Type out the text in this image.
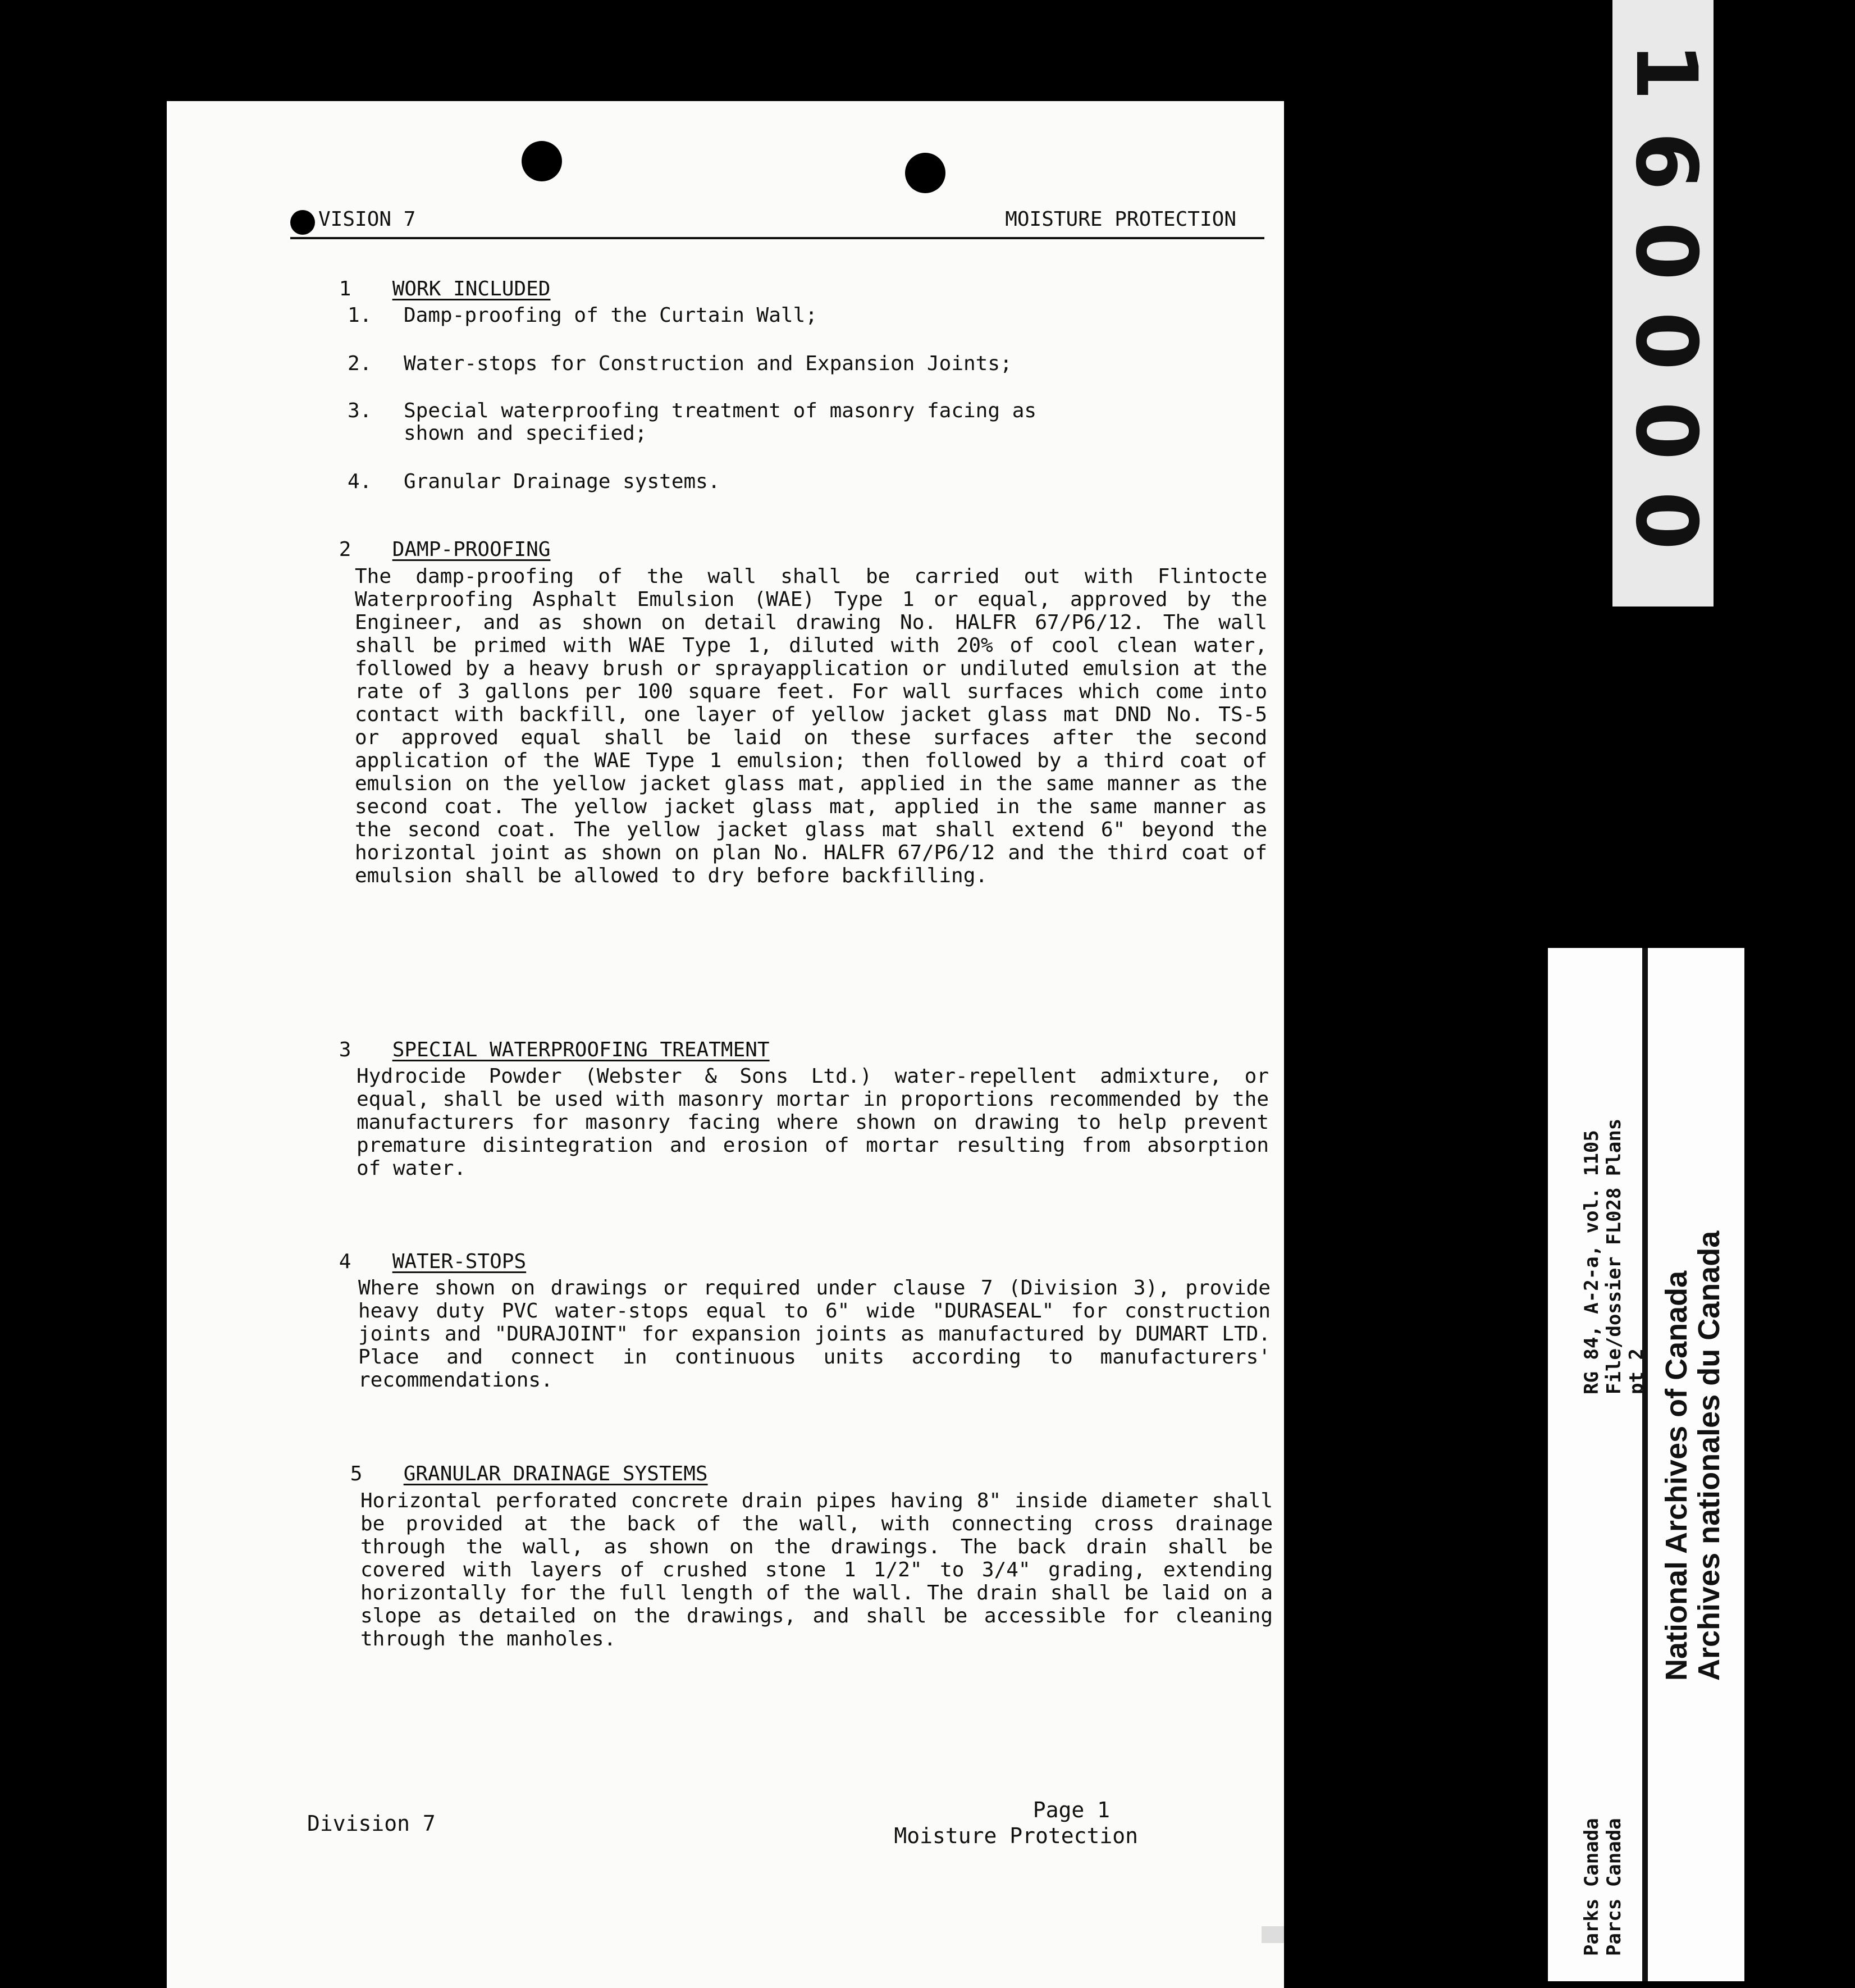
VISION 7	MOISTURE PROTECTION

1 WORK INCLUDED

1. Damp-proofing of the Curtain Wall;
2. Water-stops for Construction and Expansion Joints;
3. Special waterproofing treatment of masonry facing as shown and specified;
4. Granular Drainage systems.

2 DAMP-PROOFING

The damp-proofing of the wall shall be carried out with Flintocte Waterproofing Asphalt Emulsion (WAE) Type 1 or equal, approved by the Engineer, and as shown on detail drawing No. HALFR 67/P6/12. The wall shall be primed with WAE Type 1, diluted with 20% of cool clean water, followed by a heavy brush or sprayapplication or undiluted emulsion at the rate of 3 gallons per 100 square feet. For wall surfaces which come into contact with backfill, one layer of yellow jacket glass mat DND No. TS-5 or approved equal shall be laid on these surfaces after the second application of the WAE Type 1 emulsion; then followed by a third coat of emulsion on the yellow jacket glass mat, applied in the same manner as the second coat. The yellow jacket glass mat, applied in the same manner as the second coat. The yellow jacket glass mat shall extend 6" beyond the horizontal joint as shown on plan No. HALFR 67/P6/12 and the third coat of emulsion shall be allowed to dry before backfilling.

3 SPECIAL WATERPROOFING TREATMENT

Hydrocide Powder (Webster & Sons Ltd.) water-repellent admixture, or equal, shall be used with masonry mortar in proportions recommended by the manufacturers for masonry facing where shown on drawing to help prevent premature disintegration and erosion of mortar resulting from absorption of water.

4 WATER-STOPS

Where shown on drawings or required under clause 7 (Division 3), provide heavy duty PVC water-stops equal to 6" wide "DURASEAL" for construction joints and "DURAJOINT" for expansion joints as manufactured by DUMART LTD. Place and connect in continuous units according to manufacturers' recommendations.

5 GRANULAR DRAINAGE SYSTEMS

Horizontal perforated concrete drain pipes having 8" inside diameter shall be provided at the back of the wall, with connecting cross drainage through the wall, as shown on the drawings. The back drain shall be covered with layers of crushed stone 1 1/2" to 3/4" grading, extending horizontally for the full length of the wall. The drain shall be laid on a slope as detailed on the drawings, and shall be accessible for cleaning through the manholes.
Division 7
Page 1
Moisture Protection
0
0
0
0
6
1
RG 84, A-2-a, vol. 1105 File/dossier FL028 Plans pt 2 National Archives of Canada
Archives nationales du Canada
Parks Canada Parcs Canada
